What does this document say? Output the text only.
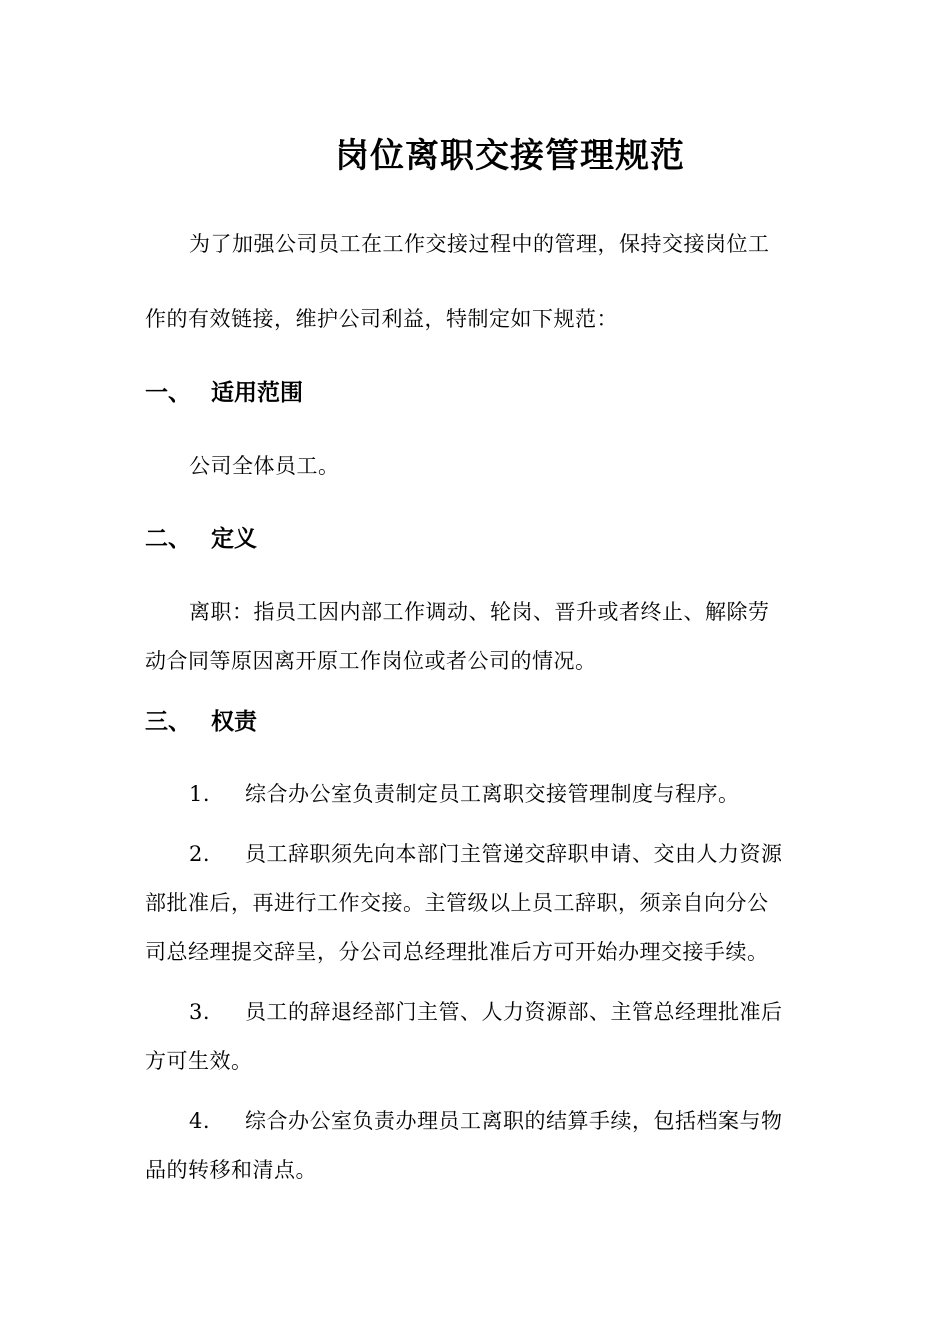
岗位离职交接管理规范
为了加强公司员工在工作交接过程中的管理，保持交接岗位工
作的有效链接，维护公司利益，特制定如下规范：
一、 适用范围
公司全体员工。
二、 定义
离职：指员工因内部工作调动、轮岗、晋升或者终止、解除劳
动合同等原因离开原工作岗位或者公司的情况。
三、 权责
1. 综合办公室负责制定员工离职交接管理制度与程序。
2. 员工辞职须先向本部门主管递交辞职申请、交由人力资源
部批准后，再进行工作交接。主管级以上员工辞职，须亲自向分公
司总经理提交辞呈，分公司总经理批准后方可开始办理交接手续。
3. 员工的辞退经部门主管、人力资源部、主管总经理批准后
方可生效。
4. 综合办公室负责办理员工离职的结算手续，包括档案与物
品的转移和清点。
